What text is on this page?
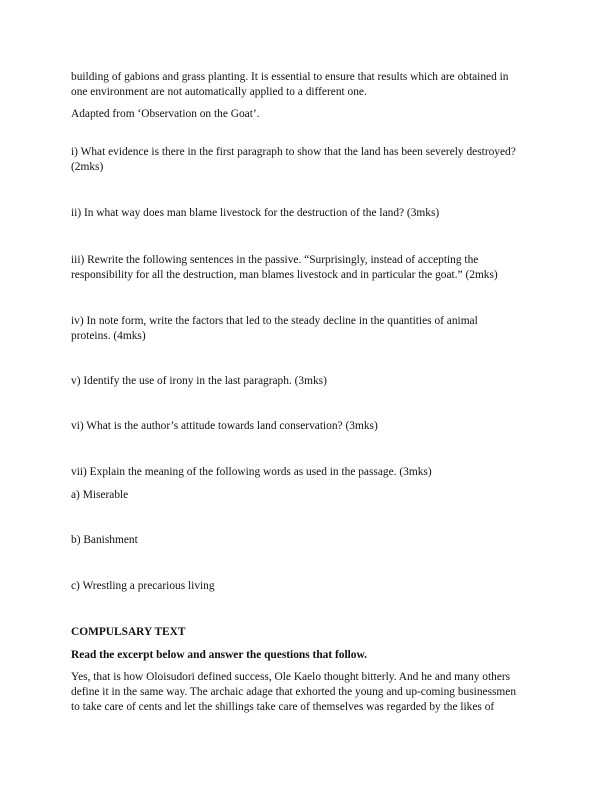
building of gabions and grass planting. It is essential to ensure that results which are obtained in
one environment are not automatically applied to a different one.
Adapted from ‘Observation on the Goat’.
i) What evidence is there in the first paragraph to show that the land has been severely destroyed?
(2mks)
ii) In what way does man blame livestock for the destruction of the land? (3mks)
iii) Rewrite the following sentences in the passive. “Surprisingly, instead of accepting the
responsibility for all the destruction, man blames livestock and in particular the goat.” (2mks)
iv) In note form, write the factors that led to the steady decline in the quantities of animal
proteins. (4mks)
v) Identify the use of irony in the last paragraph. (3mks)
vi) What is the author’s attitude towards land conservation? (3mks)
vii) Explain the meaning of the following words as used in the passage. (3mks)
a) Miserable
b) Banishment
c) Wrestling a precarious living
COMPULSARY TEXT
Read the excerpt below and answer the questions that follow.
Yes, that is how Oloisudori defined success, Ole Kaelo thought bitterly. And he and many others
define it in the same way. The archaic adage that exhorted the young and up-coming businessmen
to take care of cents and let the shillings take care of themselves was regarded by the likes of
